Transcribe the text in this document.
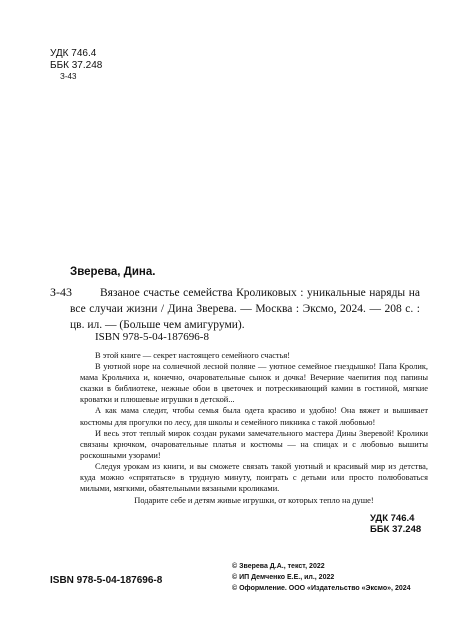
УДК 746.4
ББК 37.248
З-43
Зверева, Дина.
З-43	Вязаное счастье семейства Кроликовых : уникальные наряды на все случаи жизни / Дина Зверева. — Москва : Эксмо, 2024. — 208 с. : цв. ил. — (Больше чем амигуруми).
ISBN 978-5-04-187696-8

В этой книге — секрет настоящего семейного счастья!

В уютной норе на солнечной лесной поляне — уютное семейное гнездышко! Папа Кролик, мама Крольчиха и, конечно, очаровательные сынок и дочка! Вечерние чаепития под папины сказки в библиотеке, нежные обои в цветочек и потрескивающий камин в гостиной, мягкие кроватки и плюшевые игрушки в детской...

А как мама следит, чтобы семья была одета красиво и удобно! Она вяжет и вышивает костюмы для прогулки по лесу, для школы и семейного пикника с такой любовью!

И весь этот теплый мирок создан руками замечательного мастера Дины Зверевой! Кролики связаны крючком, очаровательные платья и костюмы — на спицах и с любовью вышиты роскошными узорами!

Следуя урокам из книги, и вы сможете связать такой уютный и красивый мир из детства, куда можно «спрятаться» в трудную минуту, поиграть с детьми или просто полюбоваться милыми, мягкими, обаятельными вязаными кроликами.

Подарите себе и детям живые игрушки, от которых тепло на душе!

УДК 746.4
ББК 37.248
ISBN 978-5-04-187696-8
© Зверева Д.А., текст, 2022
© ИП Демченко Е.Е., ил., 2022
© Оформление. ООО «Издательство «Эксмо», 2024
